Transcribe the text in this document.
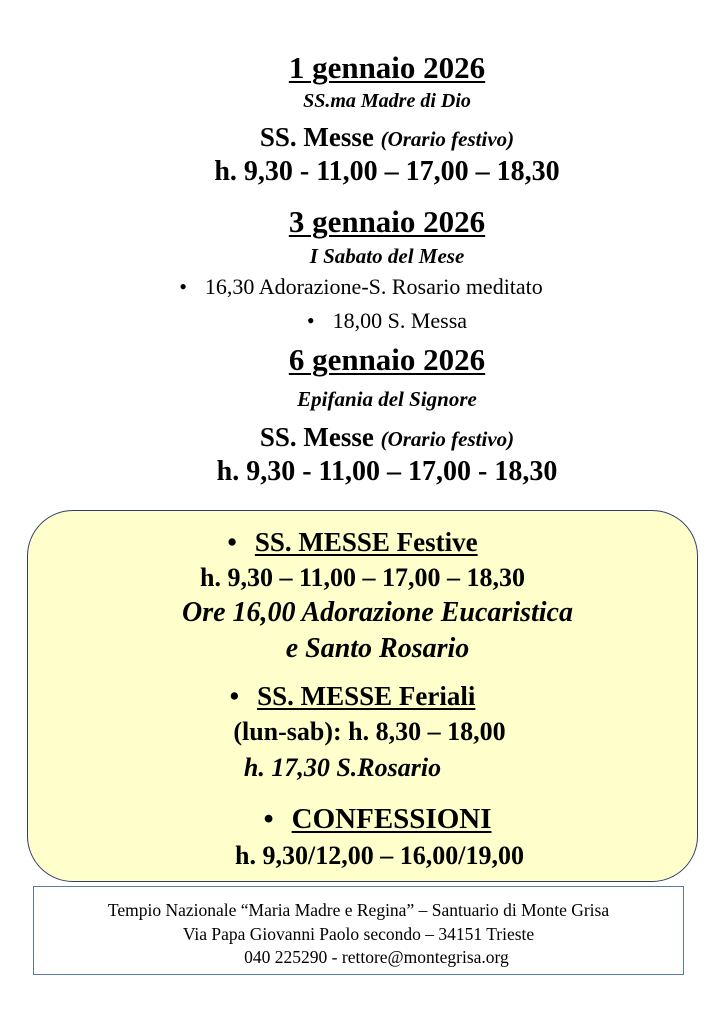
1 gennaio 2026
SS.ma Madre di Dio
SS. Messe (Orario festivo)
h. 9,30 - 11,00 – 17,00 – 18,30
3 gennaio 2026
I Sabato del Mese
• 16,30 Adorazione-S. Rosario meditato
• 18,00 S. Messa
6 gennaio 2026
Epifania del Signore
SS. Messe (Orario festivo)
h. 9,30 - 11,00 – 17,00 - 18,30
• SS. MESSE Festive
h. 9,30 – 11,00 – 17,00 – 18,30
Ore 16,00 Adorazione Eucaristica
e Santo Rosario
• SS. MESSE Feriali
(lun-sab): h. 8,30 – 18,00
h. 17,30 S.Rosario
• CONFESSIONI
h. 9,30/12,00 – 16,00/19,00
Tempio Nazionale “Maria Madre e Regina” – Santuario di Monte Grisa
Via Papa Giovanni Paolo secondo – 34151 Trieste
040 225290 - rettore@montegrisa.org
